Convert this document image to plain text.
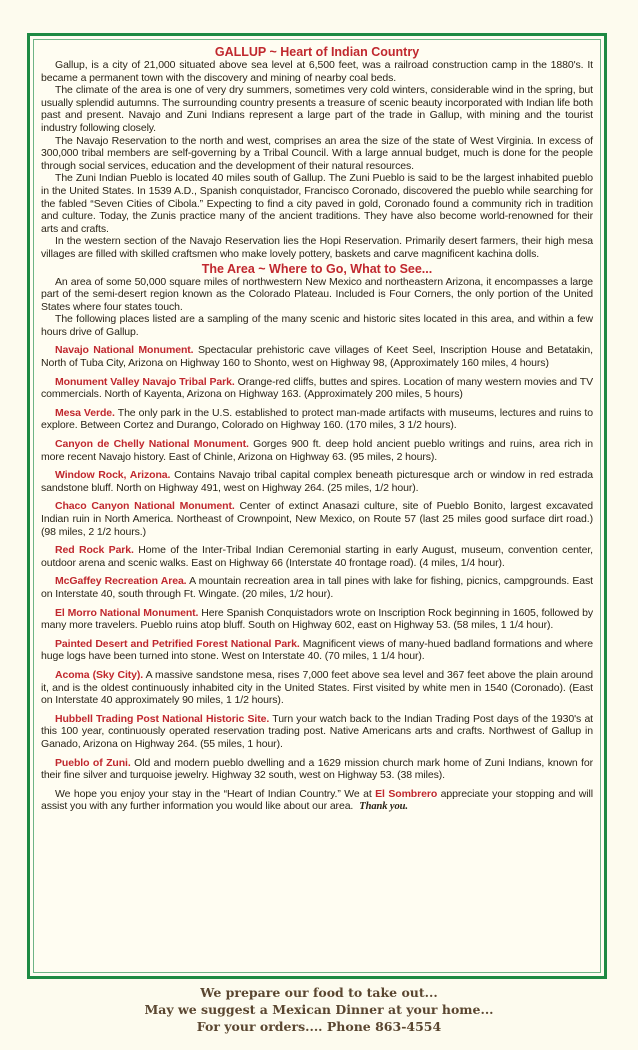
GALLUP ~ Heart of Indian Country

Gallup, is a city of 21,000 situated above sea level at 6,500 feet, was a railroad construction camp in the 1880's. It became a permanent town with the discovery and mining of nearby coal beds.

The climate of the area is one of very dry summers, sometimes very cold winters, considerable wind in the spring, but usually splendid autumns. The surrounding country presents a treasure of scenic beauty incorporated with Indian life both past and present. Navajo and Zuni Indians represent a large part of the trade in Gallup, with mining and the tourist industry following closely.

The Navajo Reservation to the north and west, comprises an area the size of the state of West Virginia. In excess of 300,000 tribal members are self-governing by a Tribal Council. With a large annual budget, much is done for the people through social services, education and the development of their natural resources.

The Zuni Indian Pueblo is located 40 miles south of Gallup. The Zuni Pueblo is said to be the largest inhabited pueblo in the United States. In 1539 A.D., Spanish conquistador, Francisco Coronado, discovered the pueblo while searching for the fabled “Seven Cities of Cibola.” Expecting to find a city paved in gold, Coronado found a community rich in tradition and culture. Today, the Zunis practice many of the ancient traditions. They have also become world-renowned for their arts and crafts.

In the western section of the Navajo Reservation lies the Hopi Reservation. Primarily desert farmers, their high mesa villages are filled with skilled craftsmen who make lovely pottery, baskets and carve magnificent kachina dolls.

The Area ~ Where to Go, What to See...

An area of some 50,000 square miles of northwestern New Mexico and northeastern Arizona, it encompasses a large part of the semi-desert region known as the Colorado Plateau. Included is Four Corners, the only portion of the United States where four states touch.

The following places listed are a sampling of the many scenic and historic sites located in this area, and within a few hours drive of Gallup.

Navajo National Monument. Spectacular prehistoric cave villages of Keet Seel, Inscription House and Betatakin, North of Tuba City, Arizona on Highway 160 to Shonto, west on Highway 98, (Approximately 160 miles, 4 hours)

Monument Valley Navajo Tribal Park. Orange-red cliffs, buttes and spires. Location of many western movies and TV commercials. North of Kayenta, Arizona on Highway 163. (Approximately 200 miles, 5 hours)

Mesa Verde. The only park in the U.S. established to protect man-made artifacts with museums, lectures and ruins to explore. Between Cortez and Durango, Colorado on Highway 160. (170 miles, 3 1/2 hours).

Canyon de Chelly National Monument. Gorges 900 ft. deep hold ancient pueblo writings and ruins, area rich in more recent Navajo history. East of Chinle, Arizona on Highway 63. (95 miles, 2 hours).

Window Rock, Arizona. Contains Navajo tribal capital complex beneath picturesque arch or window in red estrada sandstone bluff. North on Highway 491, west on Highway 264. (25 miles, 1/2 hour).

Chaco Canyon National Monument. Center of extinct Anasazi culture, site of Pueblo Bonito, largest excavated Indian ruin in North America. Northeast of Crownpoint, New Mexico, on Route 57 (last 25 miles good surface dirt road.) (98 miles, 2 1/2 hours.)

Red Rock Park. Home of the Inter-Tribal Indian Ceremonial starting in early August, museum, convention center, outdoor arena and scenic walks. East on Highway 66 (Interstate 40 frontage road). (4 miles, 1/4 hour).

McGaffey Recreation Area. A mountain recreation area in tall pines with lake for fishing, picnics, campgrounds. East on Interstate 40, south through Ft. Wingate. (20 miles, 1/2 hour).

El Morro National Monument. Here Spanish Conquistadors wrote on Inscription Rock beginning in 1605, followed by many more travelers. Pueblo ruins atop bluff. South on Highway 602, east on Highway 53. (58 miles, 1 1/4 hour).

Painted Desert and Petrified Forest National Park. Magnificent views of many-hued badland formations and where huge logs have been turned into stone. West on Interstate 40. (70 miles, 1 1/4 hour).

Acoma (Sky City). A massive sandstone mesa, rises 7,000 feet above sea level and 367 feet above the plain around it, and is the oldest continuously inhabited city in the United States. First visited by white men in 1540 (Coronado). (East on Interstate 40 approximately 90 miles, 1 1/2 hours).

Hubbell Trading Post National Historic Site. Turn your watch back to the Indian Trading Post days of the 1930's at this 100 year, continuously operated reservation trading post. Native Americans arts and crafts. Northwest of Gallup in Ganado, Arizona on Highway 264. (55 miles, 1 hour).

Pueblo of Zuni. Old and modern pueblo dwelling and a 1629 mission church mark home of Zuni Indians, known for their fine silver and turquoise jewelry. Highway 32 south, west on Highway 53. (38 miles).

We hope you enjoy your stay in the “Heart of Indian Country.” We at El Sombrero appreciate your stopping and will assist you with any further information you would like about our area. Thank you.

We prepare our food to take out...
May we suggest a Mexican Dinner at your home...
For your orders.... Phone 863-4554
